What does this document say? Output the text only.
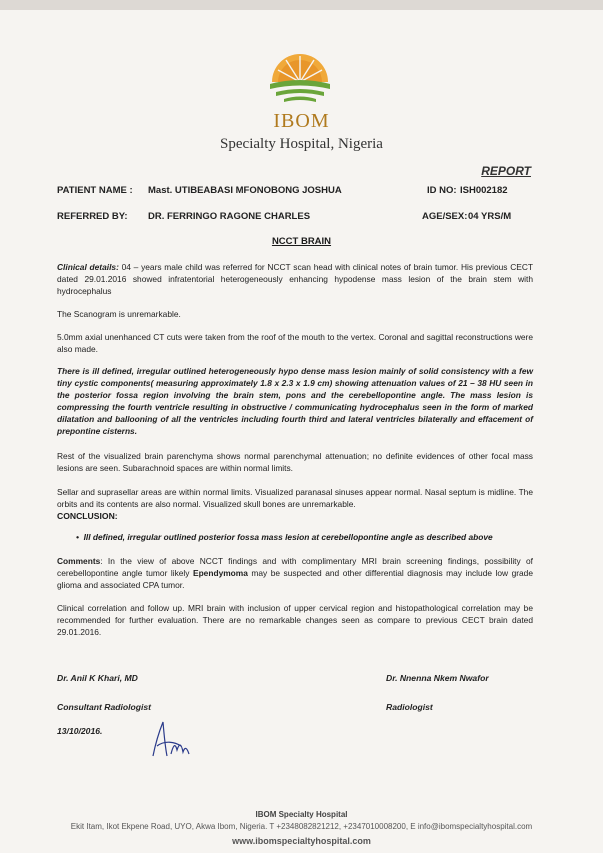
IBOM
Specialty Hospital, Nigeria
REPORT
PATIENT NAME : Mast. UTIBEABASI MFONOBONG JOSHUA	ID NO: ISH002182
REFERRED BY: DR. FERRINGO RAGONE CHARLES	AGE/SEX: 04 YRS/M
NCCT BRAIN
Clinical details: 04 – years male child was referred for NCCT scan head with clinical notes of brain tumor. His previous CECT dated 29.01.2016 showed infratentorial heterogeneously enhancing hypodense mass lesion of the brain stem with hydrocephalus
The Scanogram is unremarkable.
5.0mm axial unenhanced CT cuts were taken from the roof of the mouth to the vertex. Coronal and sagittal reconstructions were also made.
There is ill defined, irregular outlined heterogeneously hypo dense mass lesion mainly of solid consistency with a few tiny cystic components( measuring approximately 1.8 x 2.3 x 1.9 cm) showing attenuation values of 21 – 38 HU seen in the posterior fossa region involving the brain stem, pons and the cerebellopontine angle. The mass lesion is compressing the fourth ventricle resulting in obstructive / communicating hydrocephalus seen in the form of marked dilatation and ballooning of all the ventricles including fourth third and lateral ventricles bilaterally and effacement of prepontine cisterns.
Rest of the visualized brain parenchyma shows normal parenchymal attenuation; no definite evidences of other focal mass lesions are seen. Subarachnoid spaces are within normal limits.
Sellar and suprasellar areas are within normal limits. Visualized paranasal sinuses appear normal. Nasal septum is midline. The orbits and its contents are also normal. Visualized skull bones are unremarkable.
CONCLUSION:
•  Ill defined, irregular outlined posterior fossa mass lesion at cerebellopontine angle as described above
Comments: In the view of above NCCT findings and with complimentary MRI brain screening findings, possibility of cerebellopontine angle tumor likely Ependymoma may be suspected and other differential diagnosis may include low grade glioma and associated CPA tumor.
Clinical correlation and follow up. MRI brain with inclusion of upper cervical region and histopathological correlation may be recommended for further evaluation. There are no remarkable changes seen as compare to previous CECT brain dated 29.01.2016.
Dr. Anil K Khari, MD
Consultant Radiologist
13/10/2016.
Dr. Nnenna Nkem Nwafor
Radiologist
IBOM Specialty Hospital
Ekit Itam, Ikot Ekpene Road, UYO, Akwa Ibom, Nigeria. T +2348082821212, +2347010008200, E info@ibomspecialtyhospital.com
www.ibomspecialtyhospital.com
